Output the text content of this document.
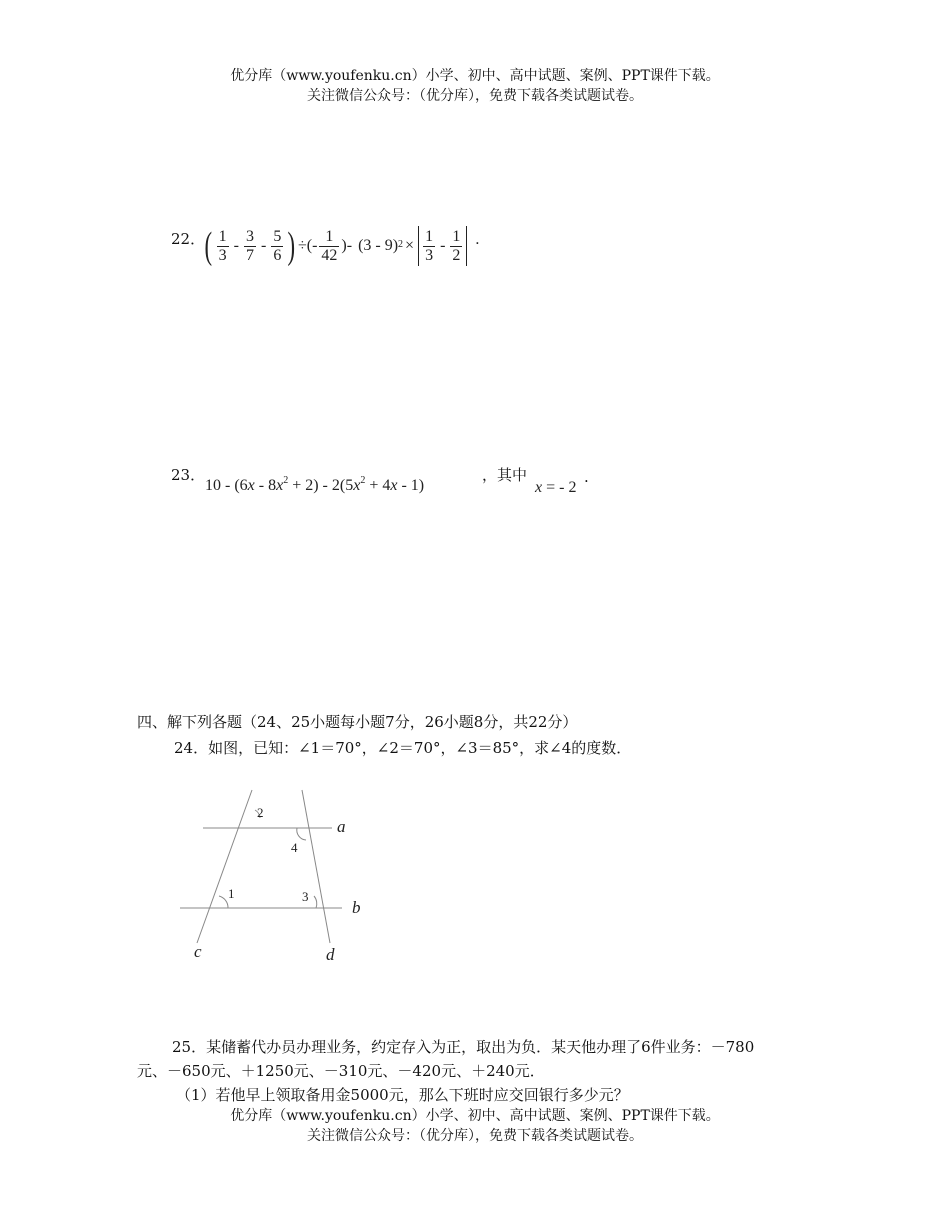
优分库（www.youfenku.cn）小学、初中、高中试题、案例、PPT课件下载。
关注微信公众号：（优分库），免费下载各类试题试卷。
22． ( $\frac{1}{3} - \frac{3}{7} - \frac{5}{6}$ ) ÷(- $\frac{1}{42}$ )- (3 - 9) $2 \times \frac{1}{3} - \frac{1}{2}$ .
23．
$10 - (6x - 8x^2 + 2) - 2(5x^2 + 4x - 1)$
，其中
x = - 2
.
四、解下列各题（24、25小题每小题7分，26小题8分，共22分）
24．如图，已知：∠1＝70°，∠2＝70°，∠3＝85°，求∠4的度数．
a
b
c	d
2
4
1	3
25．某储蓄代办员办理业务，约定存入为正，取出为负．某天他办理了6件业务：－780
元、－650元、＋1250元、－310元、－420元、＋240元．
（1）若他早上领取备用金5000元，那么下班时应交回银行多少元？
优分库（www.youfenku.cn）小学、初中、高中试题、案例、PPT课件下载。
关注微信公众号：（优分库），免费下载各类试题试卷。
